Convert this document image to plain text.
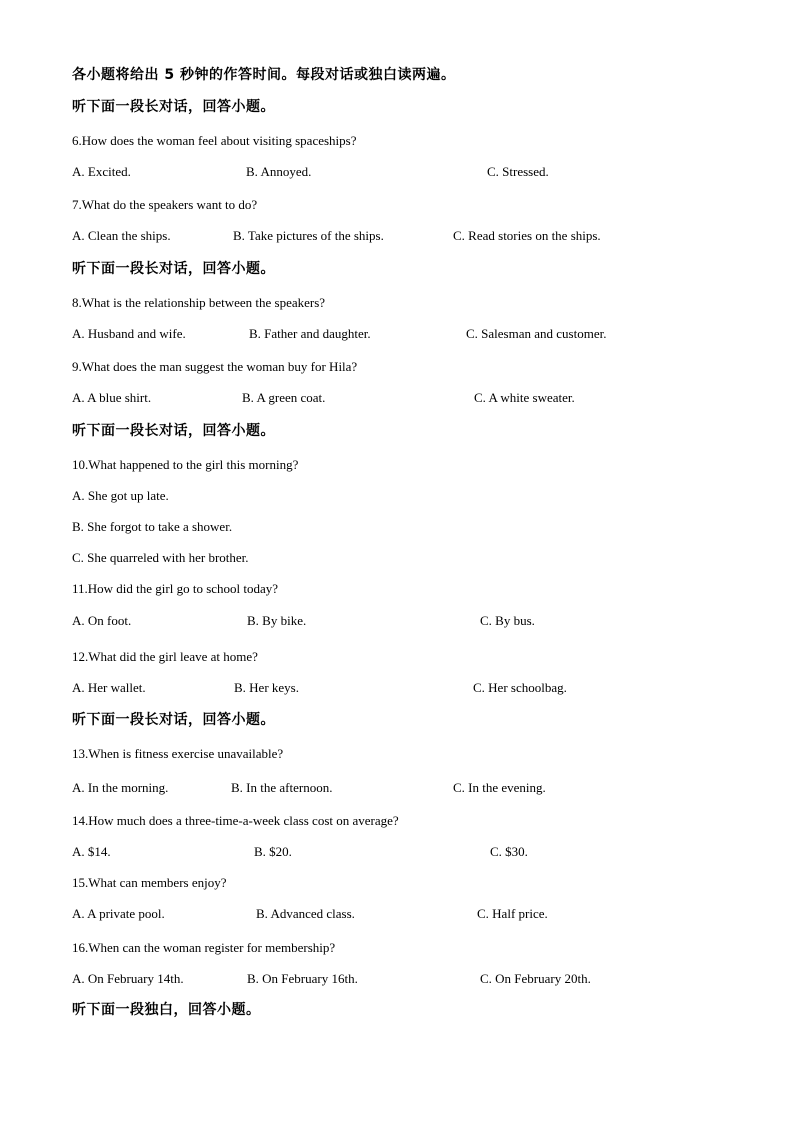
各小题将给出 5 秒钟的作答时间。每段对话或独白读两遍。
听下面一段长对话，回答小题。
6.How does the woman feel about visiting spaceships?
A. Excited.	B. Annoyed.	C. Stressed.
7.What do the speakers want to do?
A. Clean the ships.	B. Take pictures of the ships.	C. Read stories on the ships.
听下面一段长对话，回答小题。
8.What is the relationship between the speakers?
A. Husband and wife.	B. Father and daughter.	C. Salesman and customer.
9.What does the man suggest the woman buy for Hila?
A. A blue shirt.	B. A green coat.	C. A white sweater.
听下面一段长对话，回答小题。
10.What happened to the girl this morning?
A. She got up late.
B. She forgot to take a shower.
C. She quarreled with her brother.
11.How did the girl go to school today?
A. On foot.	B. By bike.	C. By bus.
12.What did the girl leave at home?
A. Her wallet.	B. Her keys.	C. Her schoolbag.
听下面一段长对话，回答小题。
13.When is fitness exercise unavailable?
A. In the morning.	B. In the afternoon.	C. In the evening.
14.How much does a three-time-a-week class cost on average?
A. $14.	B. $20.	C. $30.
15.What can members enjoy?
A. A private pool.	B. Advanced class.	C. Half price.
16.When can the woman register for membership?
A. On February 14th.	B. On February 16th.	C. On February 20th.
听下面一段独白，回答小题。
